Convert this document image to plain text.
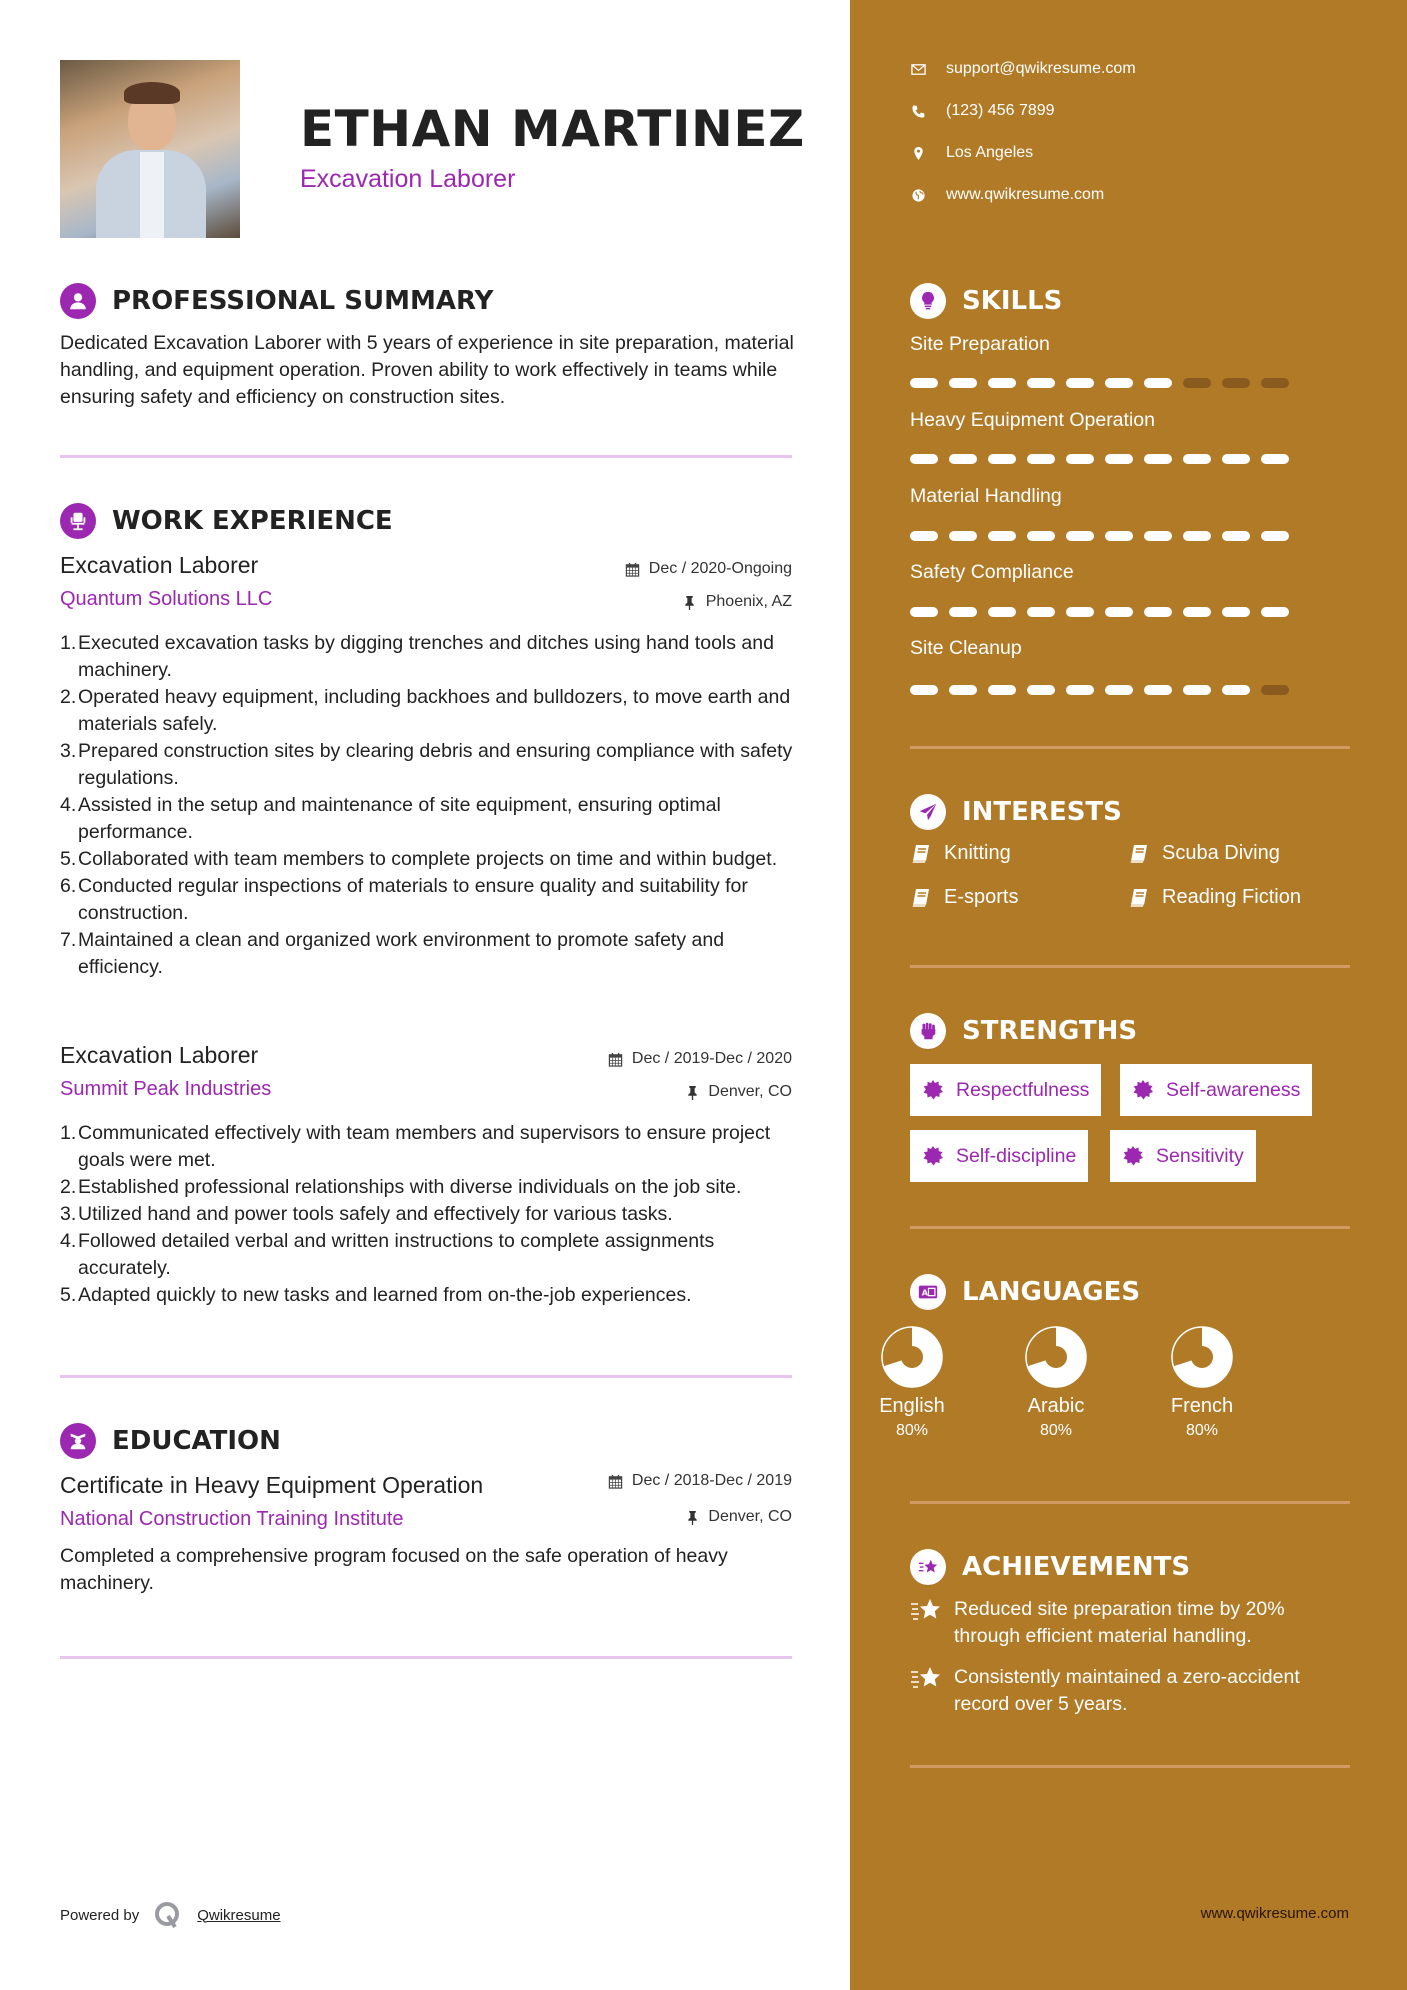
ETHAN MARTINEZ
Excavation Laborer
PROFESSIONAL SUMMARY
Dedicated Excavation Laborer with 5 years of experience in site preparation, material handling, and equipment operation. Proven ability to work effectively in teams while ensuring safety and efficiency on construction sites.
WORK EXPERIENCE
Excavation Laborer	Dec / 2020-Ongoing
Quantum Solutions LLC	Phoenix, AZ
1. Executed excavation tasks by digging trenches and ditches using hand tools and machinery.
2. Operated heavy equipment, including backhoes and bulldozers, to move earth and materials safely.
3. Prepared construction sites by clearing debris and ensuring compliance with safety regulations.
4. Assisted in the setup and maintenance of site equipment, ensuring optimal performance.
5. Collaborated with team members to complete projects on time and within budget.
6. Conducted regular inspections of materials to ensure quality and suitability for construction.
7. Maintained a clean and organized work environment to promote safety and efficiency.
Excavation Laborer	Dec / 2019-Dec / 2020
Summit Peak Industries	Denver, CO
1. Communicated effectively with team members and supervisors to ensure project goals were met.
2. Established professional relationships with diverse individuals on the job site.
3. Utilized hand and power tools safely and effectively for various tasks.
4. Followed detailed verbal and written instructions to complete assignments accurately.
5. Adapted quickly to new tasks and learned from on-the-job experiences.
EDUCATION
Certificate in Heavy Equipment Operation	Dec / 2018-Dec / 2019
National Construction Training Institute	Denver, CO
Completed a comprehensive program focused on the safe operation of heavy machinery.
Powered by	Qwikresume
support@qwikresume.com
(123) 456 7899
Los Angeles
www.qwikresume.com
SKILLS
Site Preparation
Heavy Equipment Operation
Material Handling
Safety Compliance
Site Cleanup
INTERESTS
Knitting	Scuba Diving
E-sports	Reading Fiction
STRENGTHS
Respectfulness	Self-awareness
Self-discipline	Sensitivity
A LANGUAGES
English
80%
Arabic
80%
French
80%
ACHIEVEMENTS
Reduced site preparation time by 20% through efficient material handling.
Consistently maintained a zero-accident record over 5 years.
www.qwikresume.com
